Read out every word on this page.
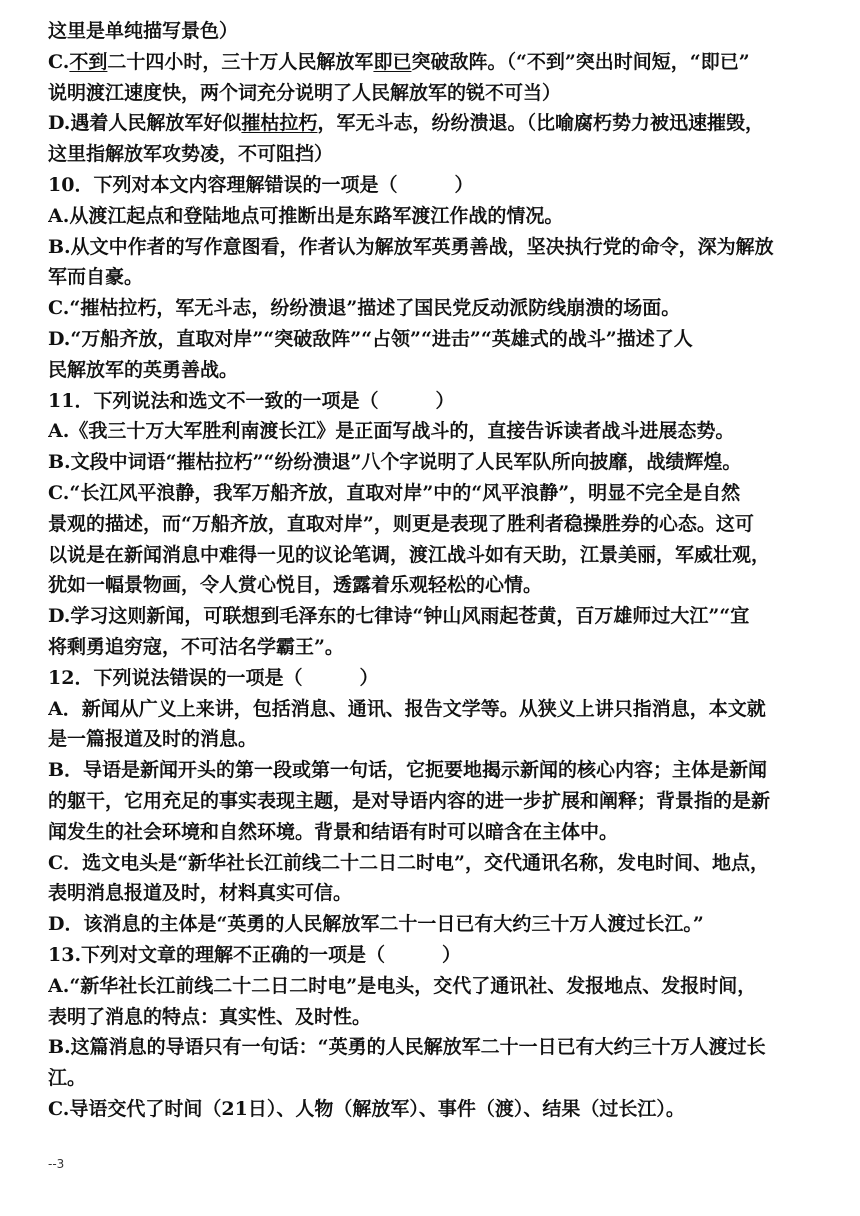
这里是单纯描写景色）
C.不到二十四小时，三十万人民解放军即已突破敌阵。（“不到”突出时间短，“即已”
说明渡江速度快，两个词充分说明了人民解放军的锐不可当）
D.遇着人民解放军好似摧枯拉朽，军无斗志，纷纷溃退。（比喻腐朽势力被迅速摧毁，
这里指解放军攻势凌，不可阻挡）
10．下列对本文内容理解错误的一项是（　　　）
A.从渡江起点和登陆地点可推断出是东路军渡江作战的情况。
B.从文中作者的写作意图看，作者认为解放军英勇善战，坚决执行党的命令，深为解放
军而自豪。
C.“摧枯拉朽，军无斗志，纷纷溃退”描述了国民党反动派防线崩溃的场面。
D.“万船齐放，直取对岸”“突破敌阵”“占领”“进击”“英雄式的战斗”描述了人
民解放军的英勇善战。
11．下列说法和选文不一致的一项是（　　　）
A.《我三十万大军胜利南渡长江》是正面写战斗的，直接告诉读者战斗进展态势。
B.文段中词语“摧枯拉朽”“纷纷溃退”八个字说明了人民军队所向披靡，战绩辉煌。
C.“长江风平浪静，我军万船齐放，直取对岸”中的“风平浪静”，明显不完全是自然
景观的描述，而“万船齐放，直取对岸”，则更是表现了胜利者稳操胜券的心态。这可
以说是在新闻消息中难得一见的议论笔调，渡江战斗如有天助，江景美丽，军威壮观，
犹如一幅景物画，令人赏心悦目，透露着乐观轻松的心情。
D.学习这则新闻，可联想到毛泽东的七律诗“钟山风雨起苍黄，百万雄师过大江”“宜
将剩勇追穷寇，不可沽名学霸王”。
12．下列说法错误的一项是（　　　）
A．新闻从广义上来讲，包括消息、通讯、报告文学等。从狭义上讲只指消息，本文就
是一篇报道及时的消息。
B．导语是新闻开头的第一段或第一句话，它扼要地揭示新闻的核心内容；主体是新闻
的躯干，它用充足的事实表现主题，是对导语内容的进一步扩展和阐释；背景指的是新
闻发生的社会环境和自然环境。背景和结语有时可以暗含在主体中。
C．选文电头是“新华社长江前线二十二日二时电”，交代通讯名称，发电时间、地点，
表明消息报道及时，材料真实可信。
D．该消息的主体是“英勇的人民解放军二十一日已有大约三十万人渡过长江。”
13.下列对文章的理解不正确的一项是（　　　）
A.“新华社长江前线二十二日二时电”是电头，交代了通讯社、发报地点、发报时间，
表明了消息的特点：真实性、及时性。
B.这篇消息的导语只有一句话：“英勇的人民解放军二十一日已有大约三十万人渡过长
江。
C.导语交代了时间（21日）、人物（解放军）、事件（渡）、结果（过长江）。
--3
